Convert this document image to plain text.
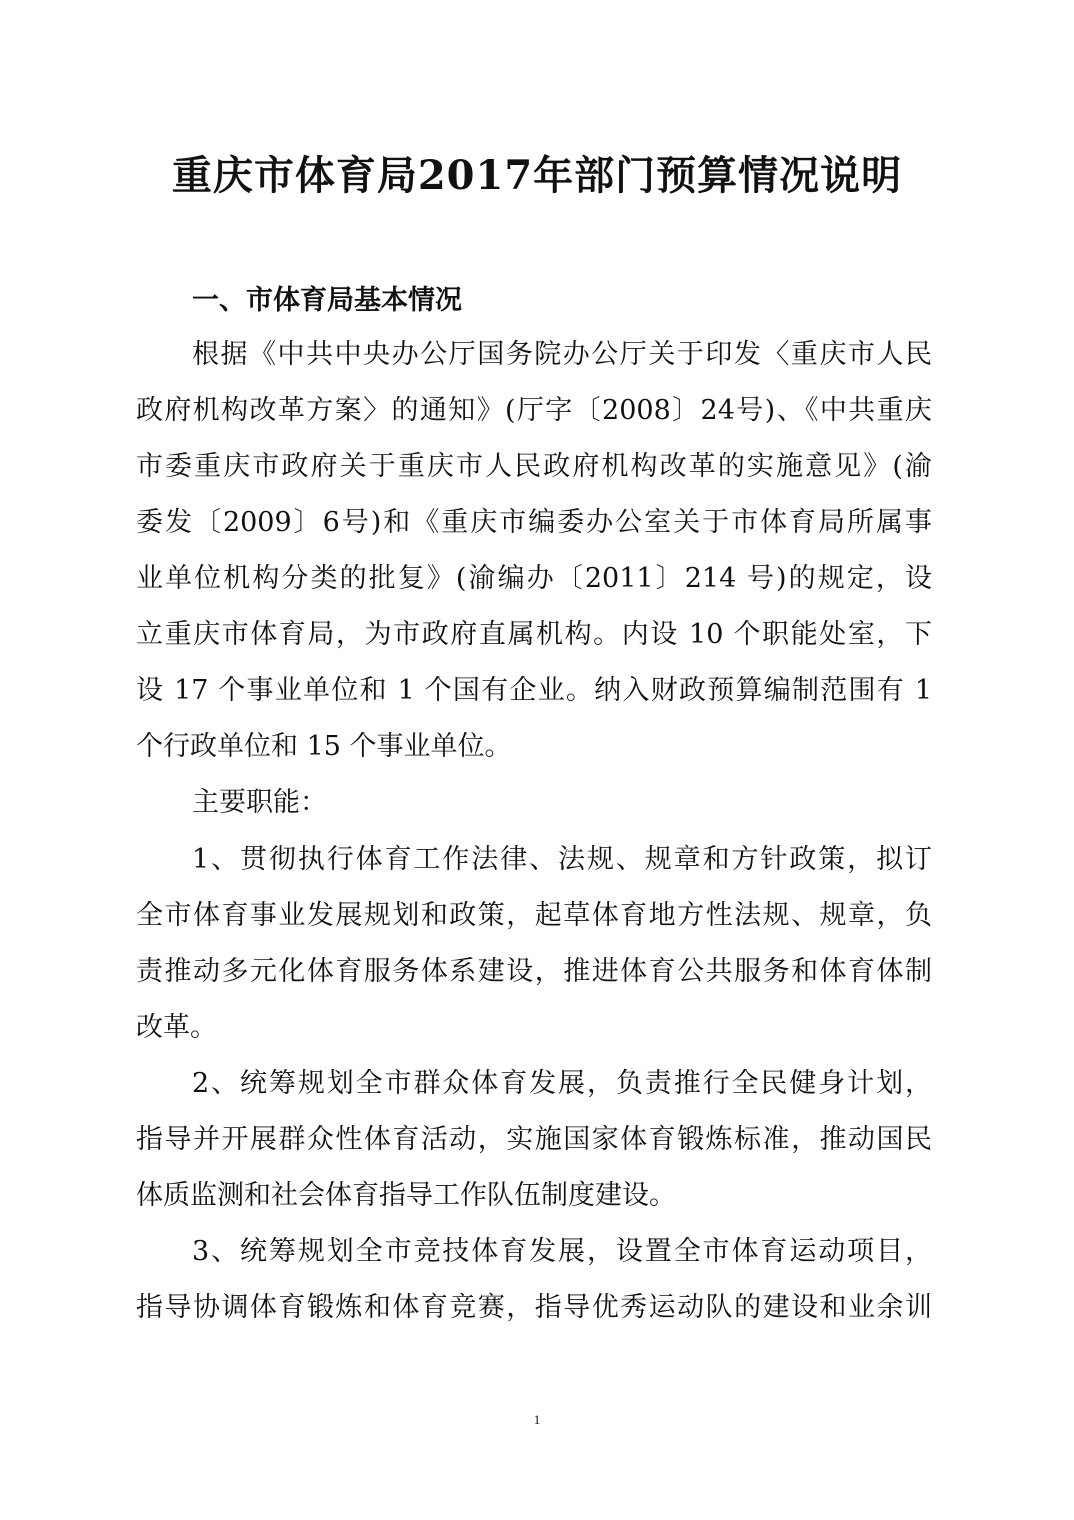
重庆市体育局2017年部门预算情况说明
一、市体育局基本情况
根据《中共中央办公厅国务院办公厅关于印发〈重庆市人民
政府机构改革方案〉的通知》(厅字〔2008〕24号)、《中共重庆
市委重庆市政府关于重庆市人民政府机构改革的实施意见》(渝
委发〔2009〕6号)和《重庆市编委办公室关于市体育局所属事
业单位机构分类的批复》(渝编办〔2011〕214 号)的规定，设
立重庆市体育局，为市政府直属机构。内设 10 个职能处室，下
设 17 个事业单位和 1 个国有企业。纳入财政预算编制范围有 1
个行政单位和 15 个事业单位。
主要职能：
1、贯彻执行体育工作法律、法规、规章和方针政策，拟订
全市体育事业发展规划和政策，起草体育地方性法规、规章，负
责推动多元化体育服务体系建设，推进体育公共服务和体育体制
改革。
2、统筹规划全市群众体育发展，负责推行全民健身计划，
指导并开展群众性体育活动，实施国家体育锻炼标准，推动国民
体质监测和社会体育指导工作队伍制度建设。
3、统筹规划全市竞技体育发展，设置全市体育运动项目，
指导协调体育锻炼和体育竞赛，指导优秀运动队的建设和业余训
1
